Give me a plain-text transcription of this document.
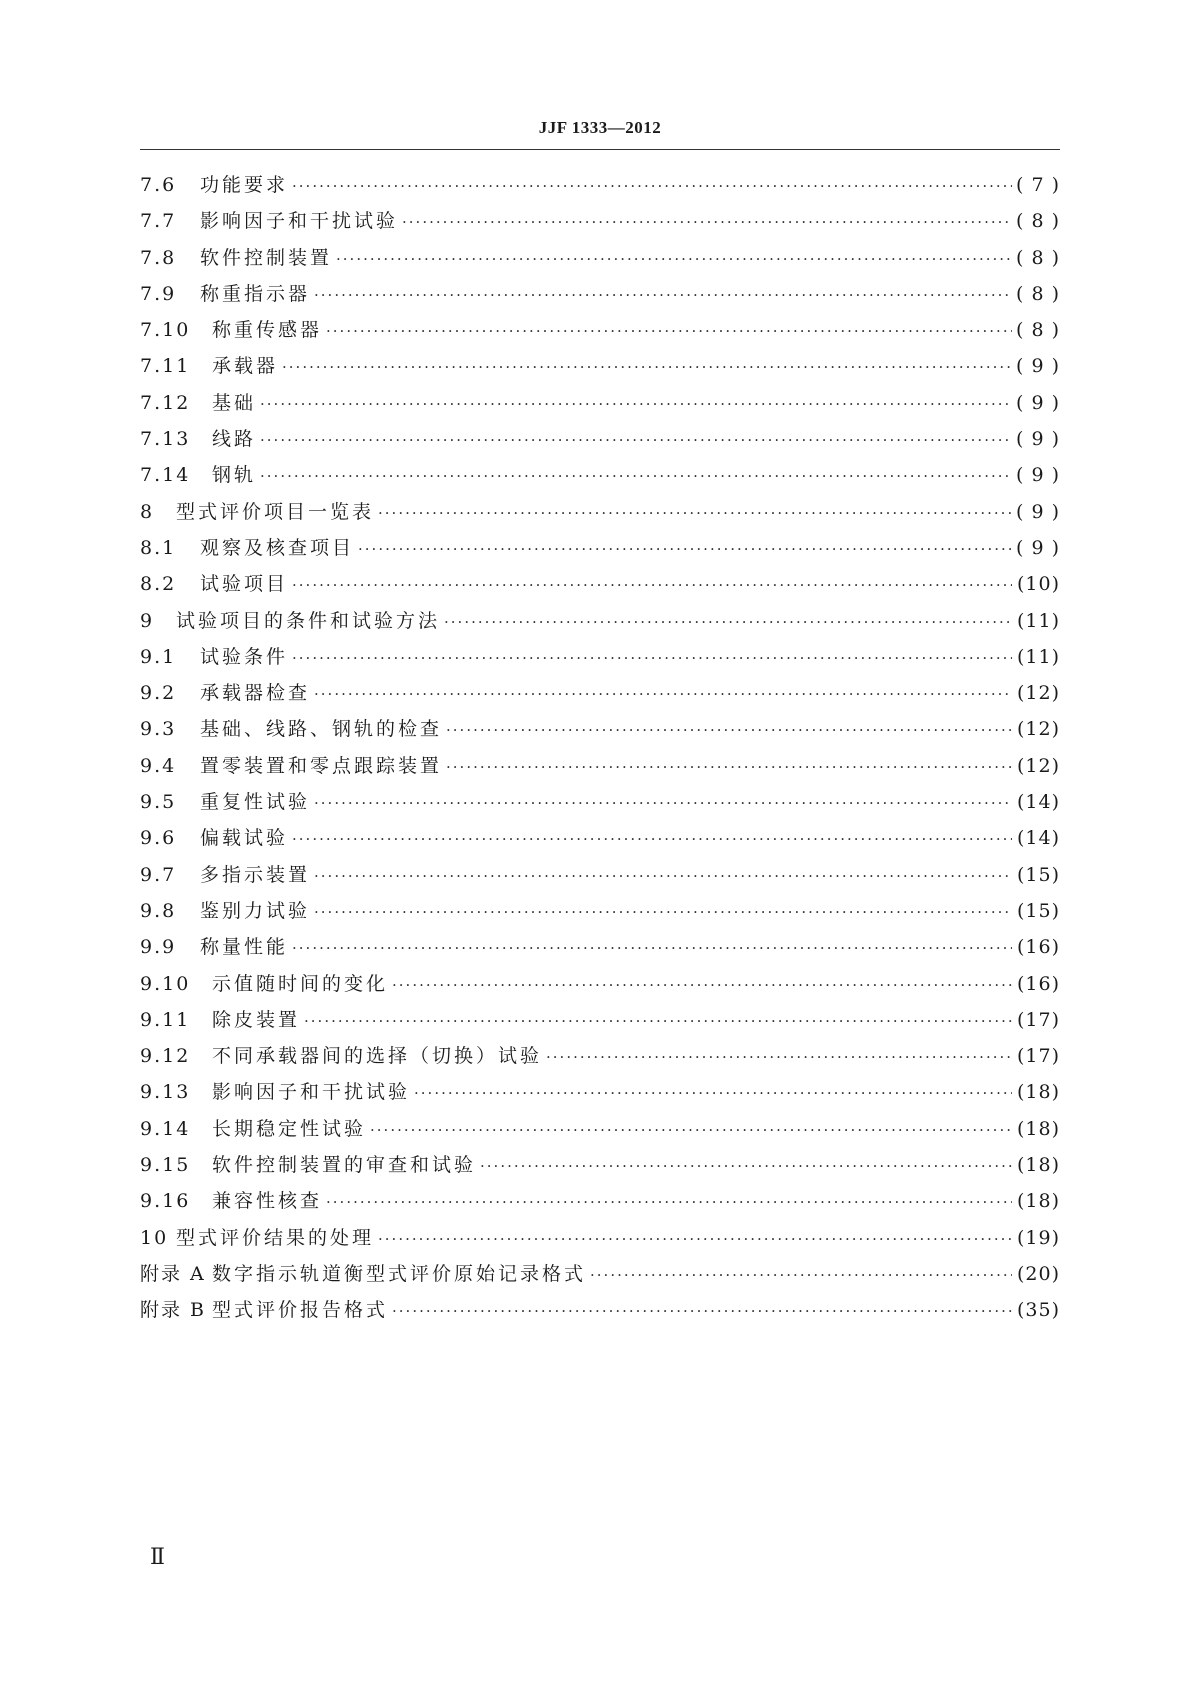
JJF 1333—2012
7.6	功能要求 ·····	( 7 )
7.7	影响因子和干扰试验 ·····	( 8 )
7.8	软件控制装置 ·····	( 8 )
7.9	称重指示器 ·····	( 8 )
7.10	称重传感器 ·····	( 8 )
7.11	承载器 ·····	( 9 )
7.12	基础 ·····	( 9 )
7.13	线路 ·····	( 9 )
7.14	钢轨 ·····	( 9 )
8	型式评价项目一览表 ·····	( 9 )
8.1	观察及核查项目 ·····	( 9 )
8.2	试验项目 ·····	(10)
9	试验项目的条件和试验方法 ·····	(11)
9.1	试验条件 ·····	(11)
9.2	承载器检查 ·····	(12)
9.3	基础、线路、钢轨的检查 ·····	(12)
9.4	置零装置和零点跟踪装置 ·····	(12)
9.5	重复性试验 ·····	(14)
9.6	偏载试验 ·····	(14)
9.7	多指示装置 ·····	(15)
9.8	鉴别力试验 ·····	(15)
9.9	称量性能 ·····	(16)
9.10	示值随时间的变化 ·····	(16)
9.11	除皮装置 ·····	(17)
9.12	不同承载器间的选择（切换）试验 ·····	(17)
9.13	影响因子和干扰试验 ·····	(18)
9.14	长期稳定性试验 ·····	(18)
9.15	软件控制装置的审查和试验 ·····	(18)
9.16	兼容性核查 ·····	(18)
10 型式评价结果的处理 ·····	(19)
附录 A 数字指示轨道衡型式评价原始记录格式 ·····	(20)
附录 B 型式评价报告格式 ·····	(35)
Ⅱ
